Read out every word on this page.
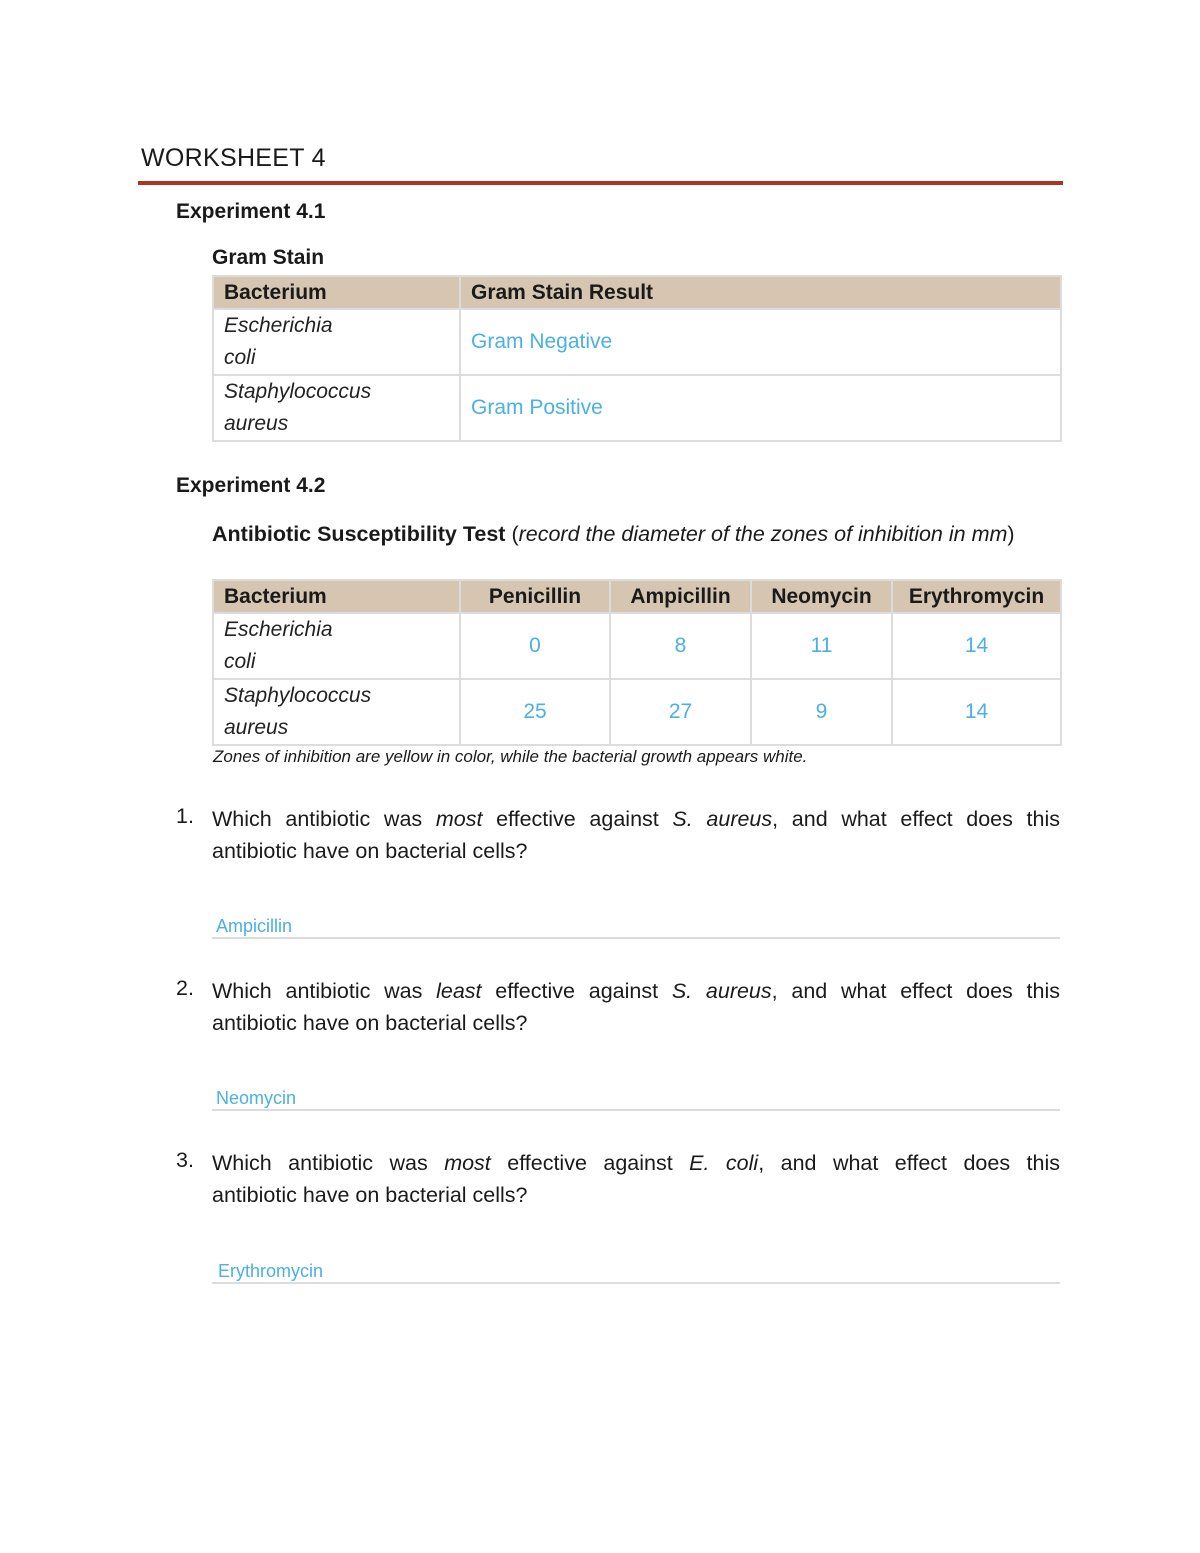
WORKSHEET 4
Experiment 4.1
Gram Stain
Bacterium	Gram Stain Result
Escherichia
coli	Gram Negative
Staphylococcus
aureus	Gram Positive
Experiment 4.2
Antibiotic Susceptibility Test (record the diameter of the zones of inhibition in mm)
Bacterium	Penicillin	Ampicillin	Neomycin	Erythromycin
Escherichia
coli	0	8	11	14
Staphylococcus
aureus	25	27	9	14
Zones of inhibition are yellow in color, while the bacterial growth appears white.
1. Which antibiotic was most effective against S. aureus, and what effect does this
antibiotic have on bacterial cells?
Ampicillin
2. Which antibiotic was least effective against S. aureus, and what effect does this
antibiotic have on bacterial cells?
Neomycin
3. Which antibiotic was most effective against E. coli, and what effect does this
antibiotic have on bacterial cells?
Erythromycin
